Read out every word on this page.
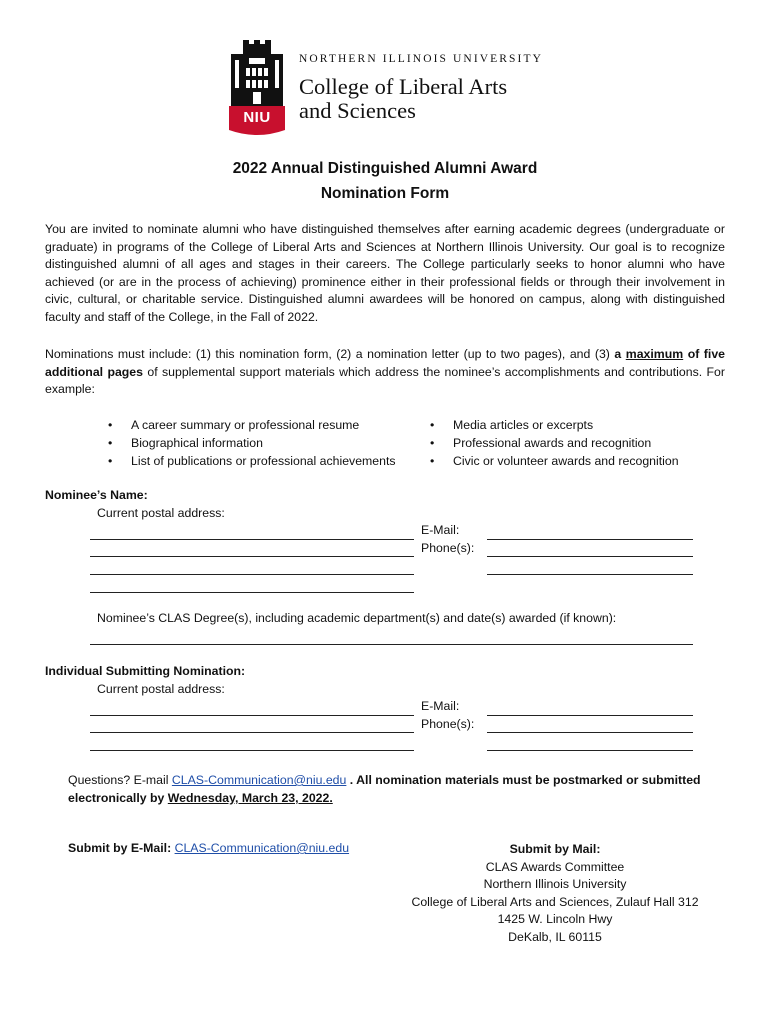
NIU
NORTHERN ILLINOIS UNIVERSITY
College of Liberal Arts
and Sciences
2022 Annual Distinguished Alumni Award
Nomination Form

You are invited to nominate alumni who have distinguished themselves after earning academic degrees (undergraduate or graduate) in programs of the College of Liberal Arts and Sciences at Northern Illinois University. Our goal is to recognize distinguished alumni of all ages and stages in their careers. The College particularly seeks to honor alumni who have achieved (or are in the process of achieving) prominence either in their professional fields or through their involvement in civic, cultural, or charitable service. Distinguished alumni awardees will be honored on campus, along with distinguished faculty and staff of the College, in the Fall of 2022.

Nominations must include: (1) this nomination form, (2) a nomination letter (up to two pages), and (3) a maximum of five additional pages of supplemental support materials which address the nominee’s accomplishments and contributions. For example:

• A career summary or professional resume
• Biographical information
• List of publications or professional achievements
• Media articles or excerpts
• Professional awards and recognition
• Civic or volunteer awards and recognition
Nominee’s Name:
Current postal address:
E-Mail:
Phone(s):
Nominee’s CLAS Degree(s), including academic department(s) and date(s) awarded (if known):
Individual Submitting Nomination:
Current postal address:
E-Mail:
Phone(s):
Questions? E-mail CLAS-Communication@niu.edu . All nomination materials must be postmarked or submitted electronically by Wednesday, March 23, 2022.
Submit by E-Mail: CLAS-Communication@niu.edu	Submit by Mail:
CLAS Awards Committee
Northern Illinois University
College of Liberal Arts and Sciences, Zulauf Hall 312
1425 W. Lincoln Hwy
DeKalb, IL 60115
